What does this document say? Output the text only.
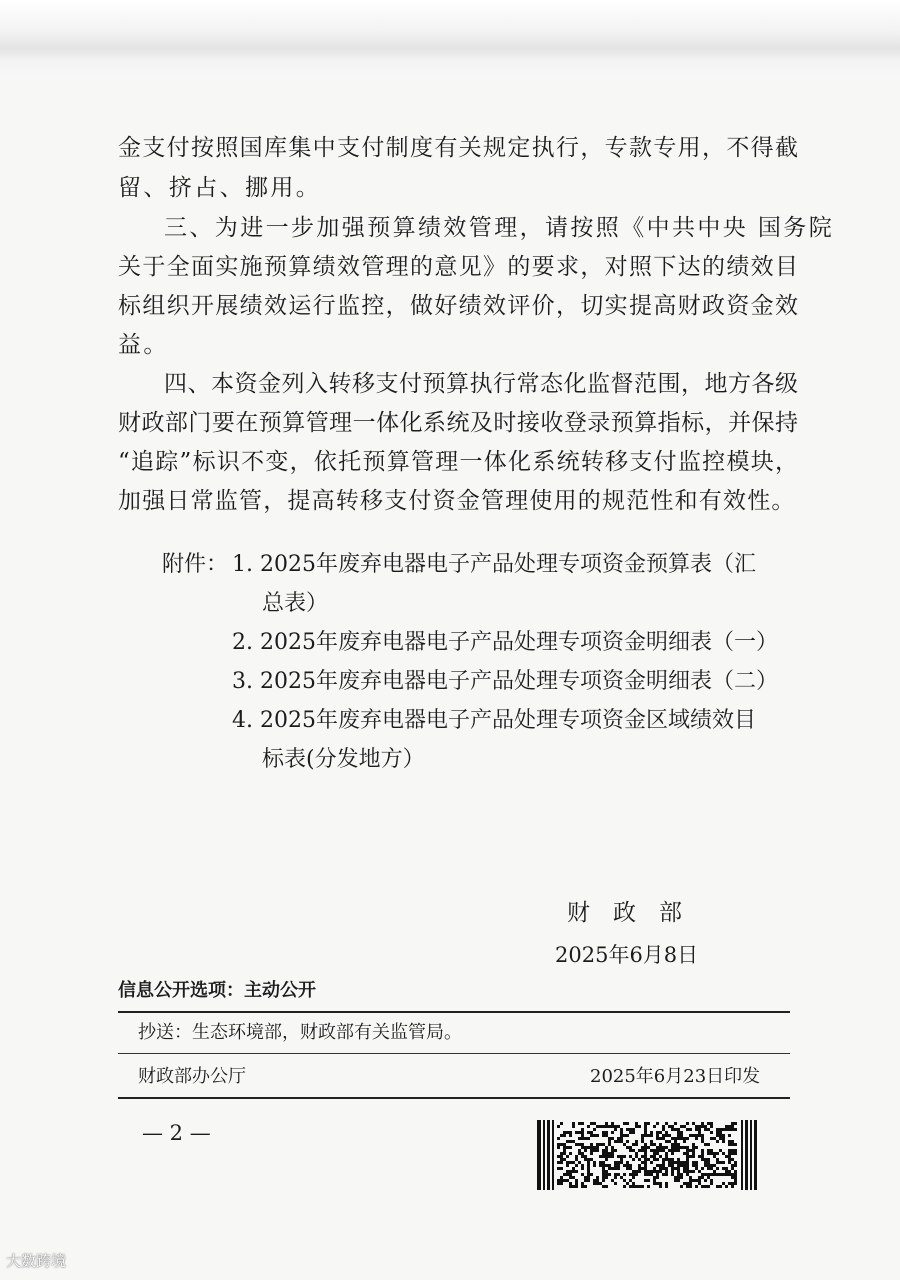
金支付按照国库集中支付制度有关规定执行，专款专用，不得截
留、挤占、挪用。
三、为进一步加强预算绩效管理，请按照《中共中央 国务院
关于全面实施预算绩效管理的意见》的要求，对照下达的绩效目
标组织开展绩效运行监控，做好绩效评价，切实提高财政资金效
益。
四、本资金列入转移支付预算执行常态化监督范围，地方各级
财政部门要在预算管理一体化系统及时接收登录预算指标，并保持
“追踪”标识不变，依托预算管理一体化系统转移支付监控模块，
加强日常监管，提高转移支付资金管理使用的规范性和有效性。
附件： 1. 2025年废弃电器电子产品处理专项资金预算表（汇
总表）
2. 2025年废弃电器电子产品处理专项资金明细表（一）
3. 2025年废弃电器电子产品处理专项资金明细表（二）
4. 2025年废弃电器电子产品处理专项资金区域绩效目
标表(分发地方）
财　政　部
2025年6月8日
信息公开选项：主动公开
抄送：生态环境部，财政部有关监管局。
财政部办公厅	2025年6月23日印发
— 2 —
大数跨境
